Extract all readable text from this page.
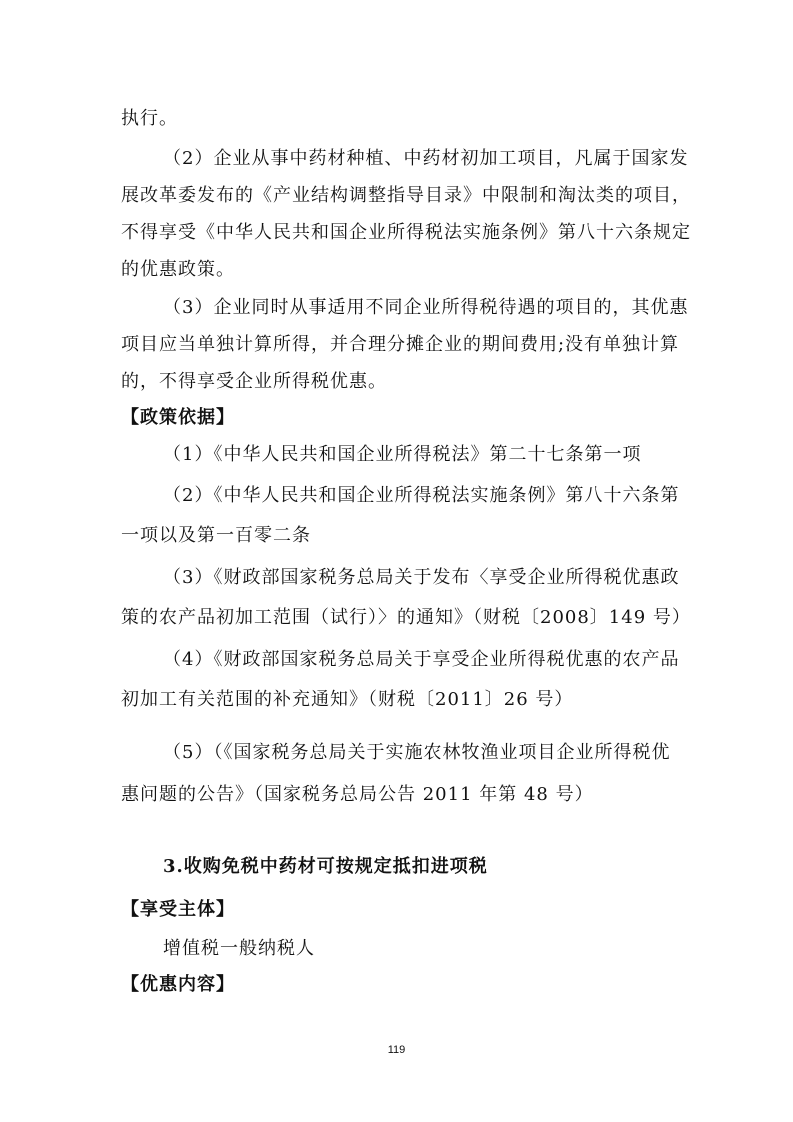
执行。
（2）企业从事中药材种植、中药材初加工项目，凡属于国家发
展改革委发布的《产业结构调整指导目录》中限制和淘汰类的项目，
不得享受《中华人民共和国企业所得税法实施条例》第八十六条规定
的优惠政策。
（3）企业同时从事适用不同企业所得税待遇的项目的，其优惠
项目应当单独计算所得，并合理分摊企业的期间费用;没有单独计算
的，不得享受企业所得税优惠。
【政策依据】
（1）《中华人民共和国企业所得税法》第二十七条第一项
（2）《中华人民共和国企业所得税法实施条例》第八十六条第
一项以及第一百零二条
（3）《财政部国家税务总局关于发布〈享受企业所得税优惠政
策的农产品初加工范围（试行）〉的通知》（财税〔2008〕149 号）
（4）《财政部国家税务总局关于享受企业所得税优惠的农产品
初加工有关范围的补充通知》（财税〔2011〕26 号）
（5）（《国家税务总局关于实施农林牧渔业项目企业所得税优
惠问题的公告》（国家税务总局公告 2011 年第 48 号）
3.收购免税中药材可按规定抵扣进项税
【享受主体】
增值税一般纳税人
【优惠内容】
119
